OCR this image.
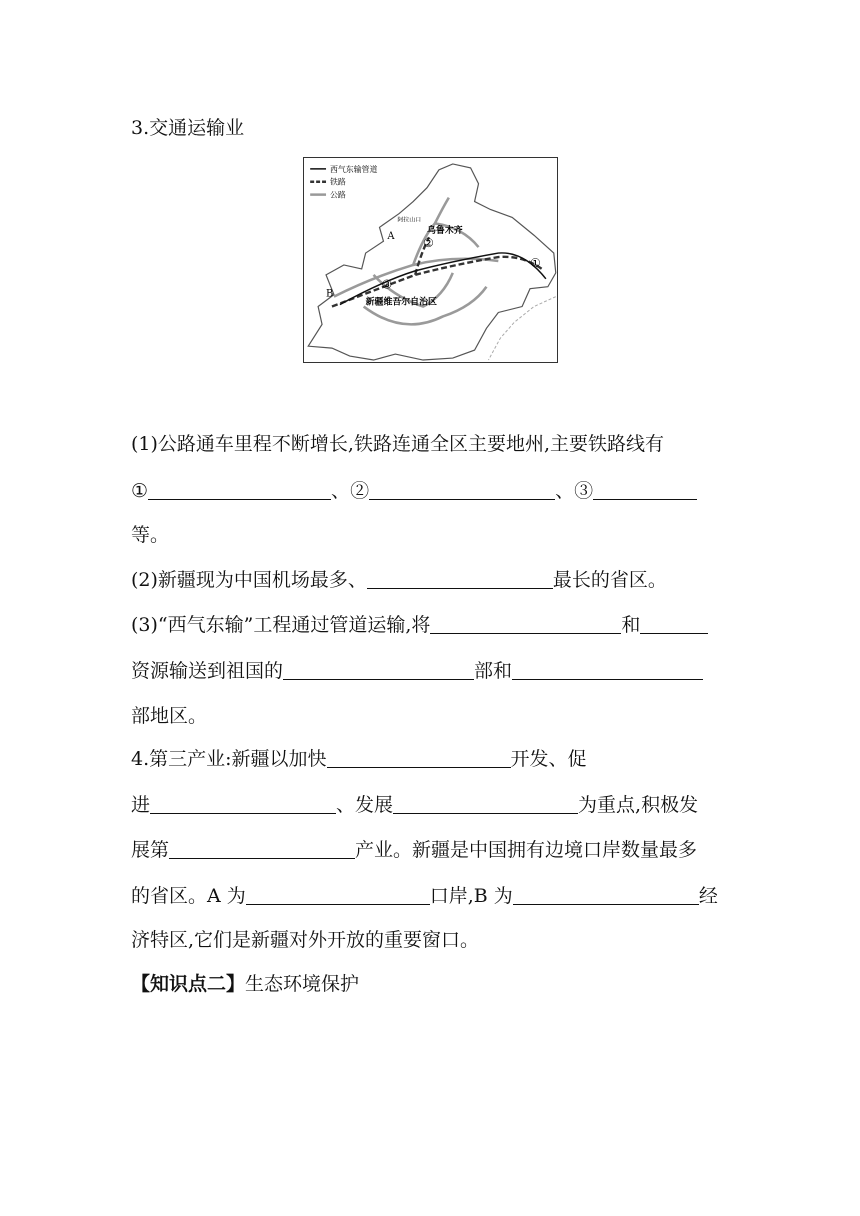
3.交通运输业
西气东输管道
铁路
公路
乌鲁木齐
新疆维吾尔自治区
阿拉山口
①
②
③
A
B
(1)公路通车里程不断增长,铁路连通全区主要地州,主要铁路线有
①	、②	、③
等。
(2)新疆现为中国机场最多、	最长的省区。
(3)“西气东输”工程通过管道运输,将	和
资源输送到祖国的	部和
部地区。
4.第三产业:新疆以加快	开发、促
进	、发展	为重点,积极发
展第	产业。新疆是中国拥有边境口岸数量最多
的省区。A 为	口岸,B 为	经
济特区,它们是新疆对外开放的重要窗口。
【知识点二】生态环境保护
